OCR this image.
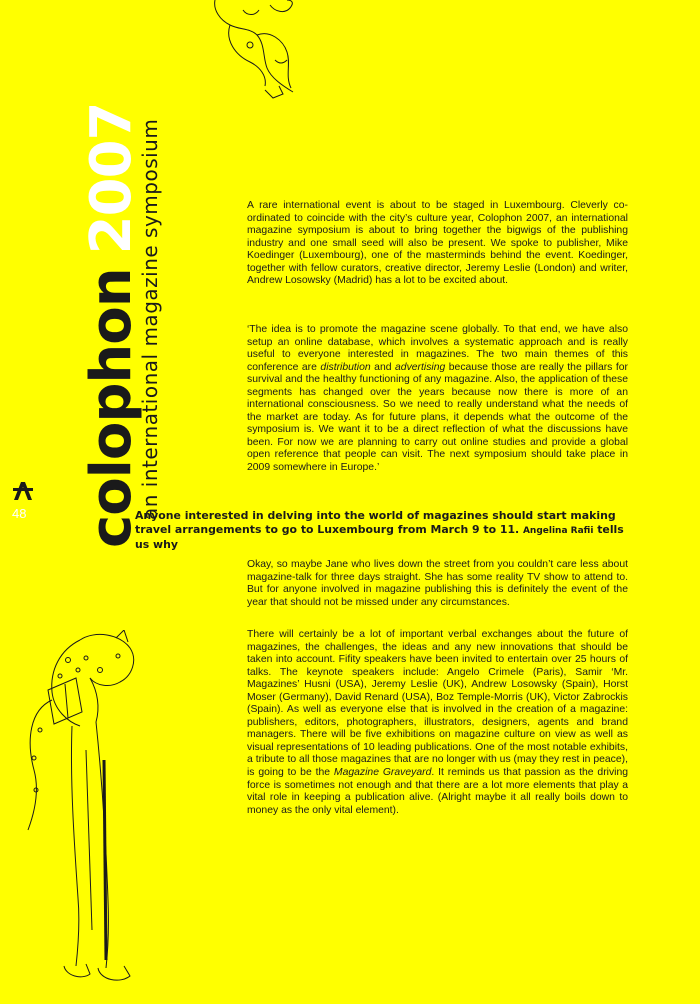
colophon2007
an international magazine symposium
48

A rare international event is about to be staged in Luxembourg. Cleverly co-ordinated to coincide with the city’s culture year, Colophon 2007, an international magazine symposium is about to bring together the bigwigs of the publishing industry and one small seed will also be present. We spoke to publisher, Mike Koedinger (Luxembourg), one of the masterminds behind the event. Koedinger, together with fellow curators, creative director, Jeremy Leslie (London) and writer, Andrew Losowsky (Madrid) has a lot to be excited about.

‘The idea is to promote the magazine scene globally. To that end, we have also setup an online database, which involves a systematic approach and is really useful to everyone interested in magazines. The two main themes of this conference are distribution and advertising because those are really the pillars for survival and the healthy functioning of any magazine. Also, the application of these segments has changed over the years because now there is more of an international consciousness. So we need to really understand what the needs of the market are today. As for future plans, it depends what the outcome of the symposium is. We want it to be a direct reflection of what the discussions have been. For now we are planning to carry out online studies and provide a global open reference that people can visit. The next symposium should take place in 2009 somewhere in Europe.’

Anyone interested in delving into the world of magazines should start making travel arrangements to go to Luxembourg from March 9 to 11. Angelina Rafii tells us why

Okay, so maybe Jane who lives down the street from you couldn’t care less about magazine-talk for three days straight. She has some reality TV show to attend to. But for anyone involved in magazine publishing this is definitely the event of the year that should not be missed under any circumstances.

There will certainly be a lot of important verbal exchanges about the future of magazines, the challenges, the ideas and any new innovations that should be taken into account. Fifity speakers have been invited to entertain over 25 hours of talks. The keynote speakers include: Angelo Crimele (Paris), Samir ‘Mr. Magazines’ Husni (USA), Jeremy Leslie (UK), Andrew Losowsky (Spain), Horst Moser (Germany), David Renard (USA), Boz Temple-Morris (UK), Victor Zabrockis (Spain). As well as everyone else that is involved in the creation of a magazine: publishers, editors, photographers, illustrators, designers, agents and brand managers. There will be five exhibitions on magazine culture on view as well as visual representations of 10 leading publications. One of the most notable exhibits, a tribute to all those magazines that are no longer with us (may they rest in peace), is going to be the Magazine Graveyard. It reminds us that passion as the driving force is sometimes not enough and that there are a lot more elements that play a vital role in keeping a publication alive. (Alright maybe it all really boils down to money as the only vital element).
